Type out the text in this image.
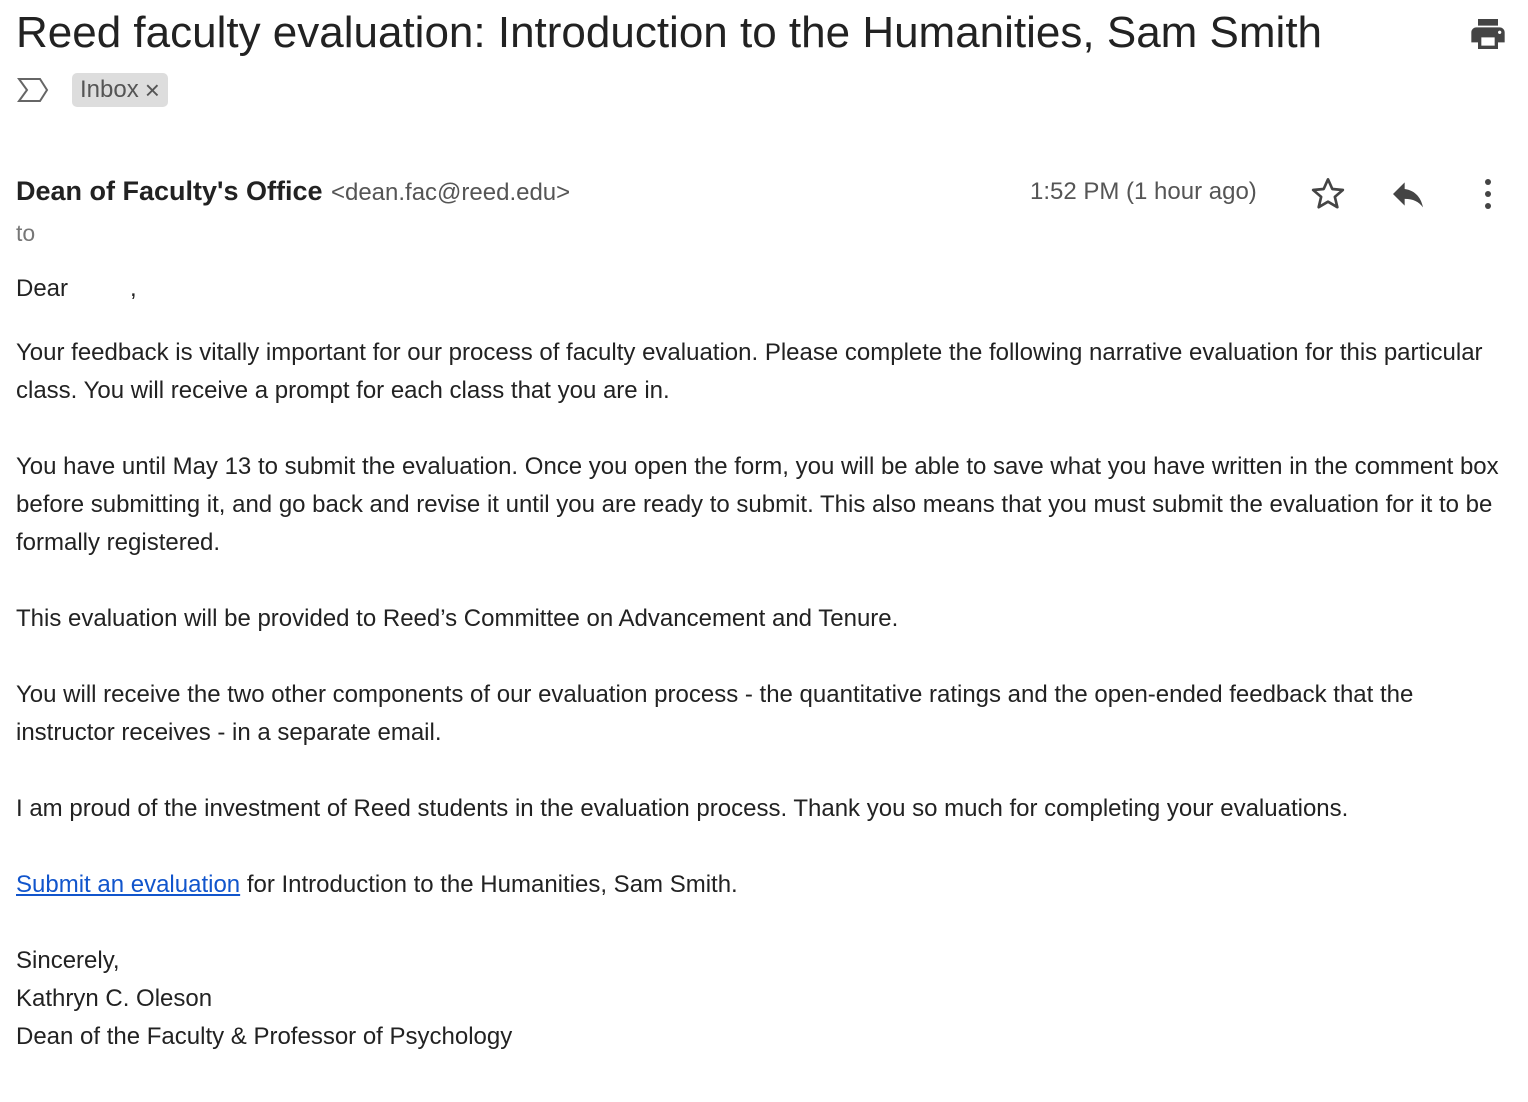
Reed faculty evaluation: Introduction to the Humanities, Sam Smith
Inbox ×
Dean of Faculty's Office <dean.fac@reed.edu>
to
1:52 PM (1 hour ago)

Dear	,

Your feedback is vitally important for our process of faculty evaluation. Please complete the following narrative evaluation for this particular class. You will receive a prompt for each class that you are in.

You have until May 13 to submit the evaluation. Once you open the form, you will be able to save what you have written in the comment box before submitting it, and go back and revise it until you are ready to submit. This also means that you must submit the evaluation for it to be formally registered.

This evaluation will be provided to Reed’s Committee on Advancement and Tenure.

You will receive the two other components of our evaluation process - the quantitative ratings and the open-ended feedback that the instructor receives - in a separate email.

I am proud of the investment of Reed students in the evaluation process. Thank you so much for completing your evaluations.

Submit an evaluation for Introduction to the Humanities, Sam Smith.

Sincerely,
Kathryn C. Oleson
Dean of the Faculty & Professor of Psychology
